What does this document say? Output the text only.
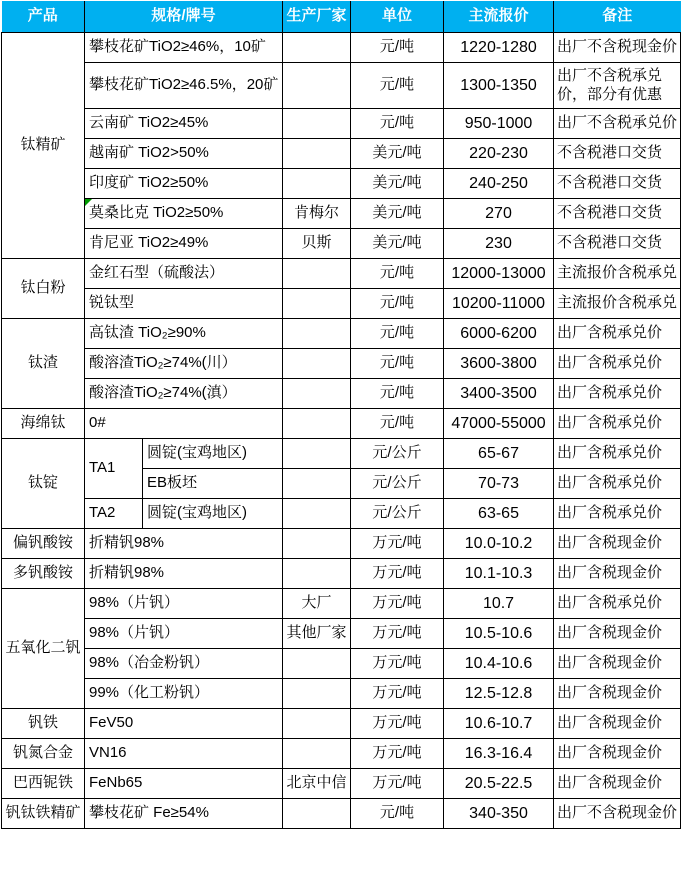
产品	规格/牌号		生产厂家	单位	主流报价	备注
钛精矿	攀枝花矿TiO2≥46%，10矿			元/吨	1220-1280	出厂不含税现金价
	攀枝花矿TiO2≥46.5%，20矿			元/吨	1300-1350	出厂不含税承兑价，部分有优惠
	云南矿 TiO2≥45%			元/吨	950-1000	出厂不含税承兑价
	越南矿 TiO2>50%			美元/吨	220-230	不含税港口交货
	印度矿 TiO2≥50%			美元/吨	240-250	不含税港口交货
	莫桑比克 TiO2≥50%		肯梅尔	美元/吨	270	不含税港口交货
	肯尼亚 TiO2≥49%		贝斯	美元/吨	230	不含税港口交货
钛白粉	金红石型（硫酸法）			元/吨	12000-13000	主流报价含税承兑
	锐钛型			元/吨	10200-11000	主流报价含税承兑
钛渣	高钛渣 TiO₂≥90%			元/吨	6000-6200	出厂含税承兑价
	酸溶渣TiO₂≥74%(川）			元/吨	3600-3800	出厂含税承兑价
	酸溶渣TiO₂≥74%(滇）			元/吨	3400-3500	出厂含税承兑价
海绵钛	0#			元/吨	47000-55000	出厂含税承兑价
钛锭	TA1	圆锭(宝鸡地区)		元/公斤	65-67	出厂含税承兑价
		EB板坯		元/公斤	70-73	出厂含税承兑价
	TA2	圆锭(宝鸡地区)		元/公斤	63-65	出厂含税承兑价
偏钒酸铵	折精钒98%			万元/吨	10.0-10.2	出厂含税现金价
多钒酸铵	折精钒98%			万元/吨	10.1-10.3	出厂含税现金价
五氧化二钒	98%（片钒）		大厂	万元/吨	10.7	出厂含税承兑价
	98%（片钒）		其他厂家	万元/吨	10.5-10.6	出厂含税现金价
	98%（冶金粉钒）			万元/吨	10.4-10.6	出厂含税现金价
	99%（化工粉钒）			万元/吨	12.5-12.8	出厂含税现金价
钒铁	FeV50			万元/吨	10.6-10.7	出厂含税现金价
钒氮合金	VN16			万元/吨	16.3-16.4	出厂含税现金价
巴西铌铁	FeNb65		北京中信	万元/吨	20.5-22.5	出厂含税现金价
钒钛铁精矿	攀枝花矿 Fe≥54%			元/吨	340-350	出厂不含税现金价
